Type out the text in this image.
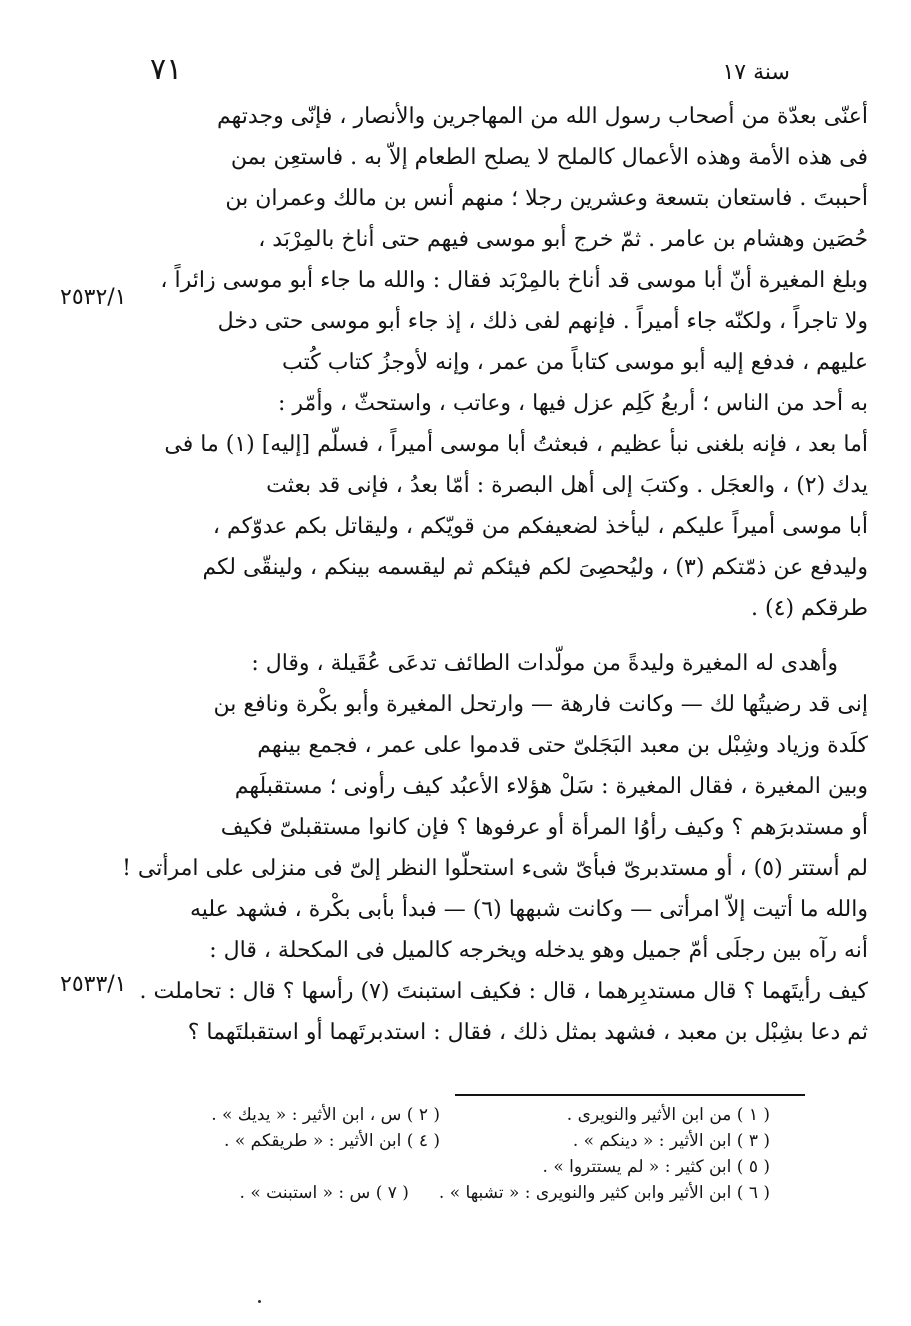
٧١	سنة ١٧
٢٥٣٢/١
٢٥٣٣/١
أعنّى بعدّة من أصحاب رسول الله من المهاجرين والأنصار ، فإنّى وجدتهم
فى هذه الأمة وهذه الأعمال كالملح لا يصلح الطعام إلاّ به . فاستعِن بمن
أحببتَ . فاستعان بتسعة وعشرين رجلا ؛ منهم أنس بن مالك وعمران بن
حُصَين وهشام بن عامر . ثمّ خرج أبو موسى فيهم حتى أناخ بالمِرْبَد ،
وبلغ المغيرة أنّ أبا موسى قد أناخ بالمِرْبَد فقال : والله ما جاء أبو موسى زائراً ،
ولا تاجراً ، ولكنّه جاء أميراً . فإنهم لفى ذلك ، إذ جاء أبو موسى حتى دخل
عليهم ، فدفع إليه أبو موسى كتاباً من عمر ، وإنه لأوجزُ كتاب كُتب
به أحد من الناس ؛ أربعُ كَلِم عزل فيها ، وعاتب ، واستحثّ ، وأمّر :
أما بعد ، فإنه بلغنى نبأ عظيم ، فبعثتُ أبا موسى أميراً ، فسلّم [إليه] (١) ما فى
يدك (٢) ، والعجَل . وكتبَ إلى أهل البصرة : أمّا بعدُ ، فإنى قد بعثت
أبا موسى أميراً عليكم ، ليأخذ لضعيفكم من قويّكم ، وليقاتل بكم عدوّكم ،
وليدفع عن ذمّتكم (٣) ، وليُحصِىَ لكم فيئكم ثم ليقسمه بينكم ، ولينقّى لكم
طرقكم (٤) .
وأهدى له المغيرة وليدةً من مولّدات الطائف تدعَى عُقَيلة ، وقال :
إنى قد رضيتُها لك — وكانت فارهة — وارتحل المغيرة وأبو بكْرة ونافع بن
كلَدة وزياد وشِبْل بن معبد البَجَلىّ حتى قدموا على عمر ، فجمع بينهم
وبين المغيرة ، فقال المغيرة : سَلْ هؤلاء الأعبُد كيف رأونى ؛ مستقبلَهم
أو مستدبرَهم ؟ وكيف رأوُا المرأة أو عرفوها ؟ فإن كانوا مستقبلىّ فكيف
لم أستتر (٥) ، أو مستدبرىّ فبأىّ شىء استحلّوا النظر إلىّ فى منزلى على امرأتى !
والله ما أتيت إلاّ امرأتى — وكانت شبهها (٦) — فبدأ بأبى بكْرة ، فشهد عليه
أنه رآه بين رجلَى أمّ جميل وهو يدخله ويخرجه كالميل فى المكحلة ، قال :
كيف رأيتَهما ؟ قال مستدبِرهما ، قال : فكيف استبنتَ (٧) رأسها ؟ قال : تحاملت .
ثم دعا بشِبْل بن معبد ، فشهد بمثل ذلك ، فقال : استدبرتَهما أو استقبلتَهما ؟
( ١ ) من ابن الأثير والنويرى .
( ٢ ) س ، ابن الأثير : « يديك » .
( ٣ ) ابن الأثير : « دينكم » .
( ٤ ) ابن الأثير : « طريقكم » .
( ٥ ) ابن كثير : « لم يستتروا » .
( ٦ ) ابن الأثير وابن كثير والنويرى : « تشبها » .
( ٧ ) س : « استبنت » .
